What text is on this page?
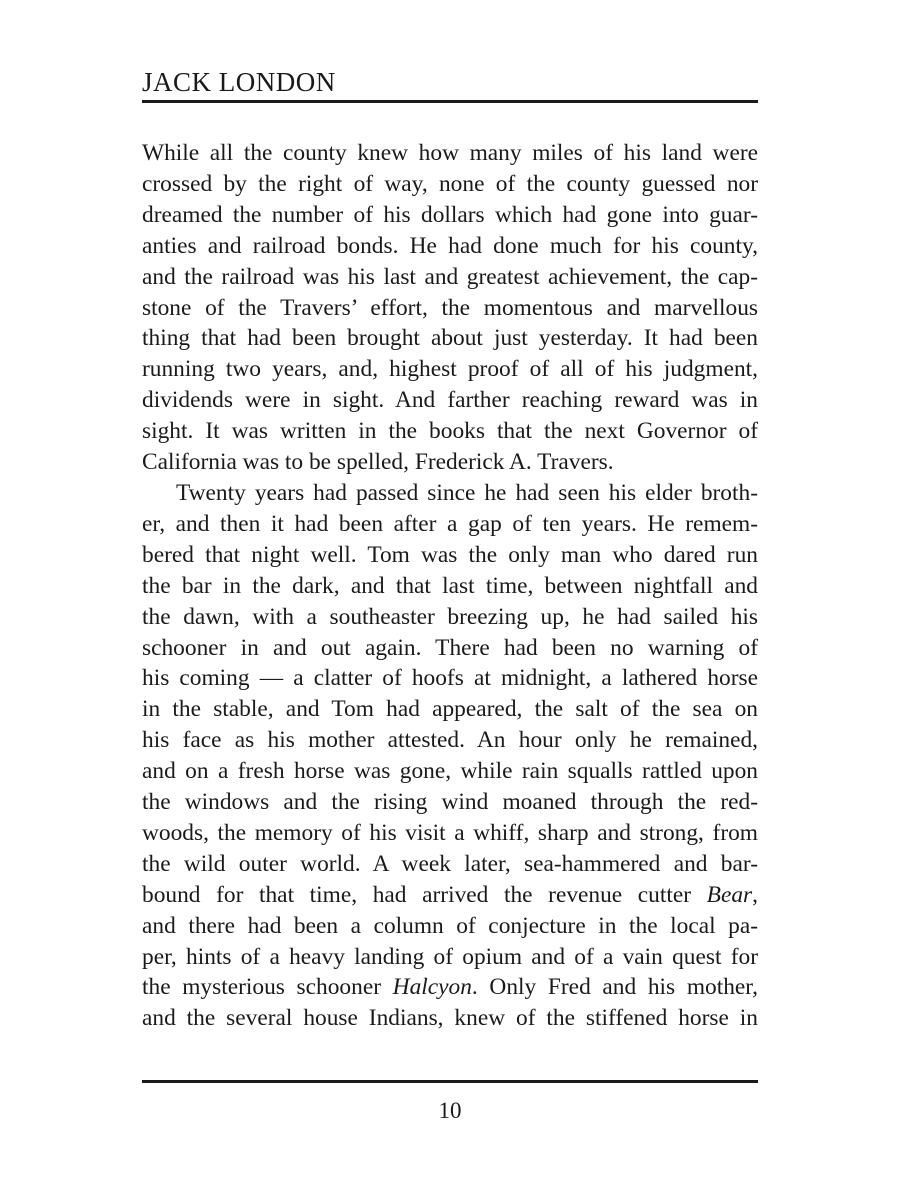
JACK LONDON
While all the county knew how many miles of his land were
crossed by the right of way, none of the county guessed nor
dreamed the number of his dollars which had gone into guar-
anties and railroad bonds. He had done much for his county,
and the railroad was his last and greatest achievement, the cap-
stone of the Travers’ effort, the momentous and marvellous
thing that had been brought about just yesterday. It had been
running two years, and, highest proof of all of his judgment,
dividends were in sight. And farther reaching reward was in
sight. It was written in the books that the next Governor of
California was to be spelled, Frederick A. Travers.
Twenty years had passed since he had seen his elder broth-
er, and then it had been after a gap of ten years. He remem-
bered that night well. Tom was the only man who dared run
the bar in the dark, and that last time, between nightfall and
the dawn, with a southeaster breezing up, he had sailed his
schooner in and out again. There had been no warning of
his coming — a clatter of hoofs at midnight, a lathered horse
in the stable, and Tom had appeared, the salt of the sea on
his face as his mother attested. An hour only he remained,
and on a fresh horse was gone, while rain squalls rattled upon
the windows and the rising wind moaned through the red-
woods, the memory of his visit a whiff, sharp and strong, from
the wild outer world. A week later, sea-hammered and bar-
bound for that time, had arrived the revenue cutter Bear,
and there had been a column of conjecture in the local pa-
per, hints of a heavy landing of opium and of a vain quest for
the mysterious schooner Halcyon. Only Fred and his mother,
and the several house Indians, knew of the stiffened horse in
10
